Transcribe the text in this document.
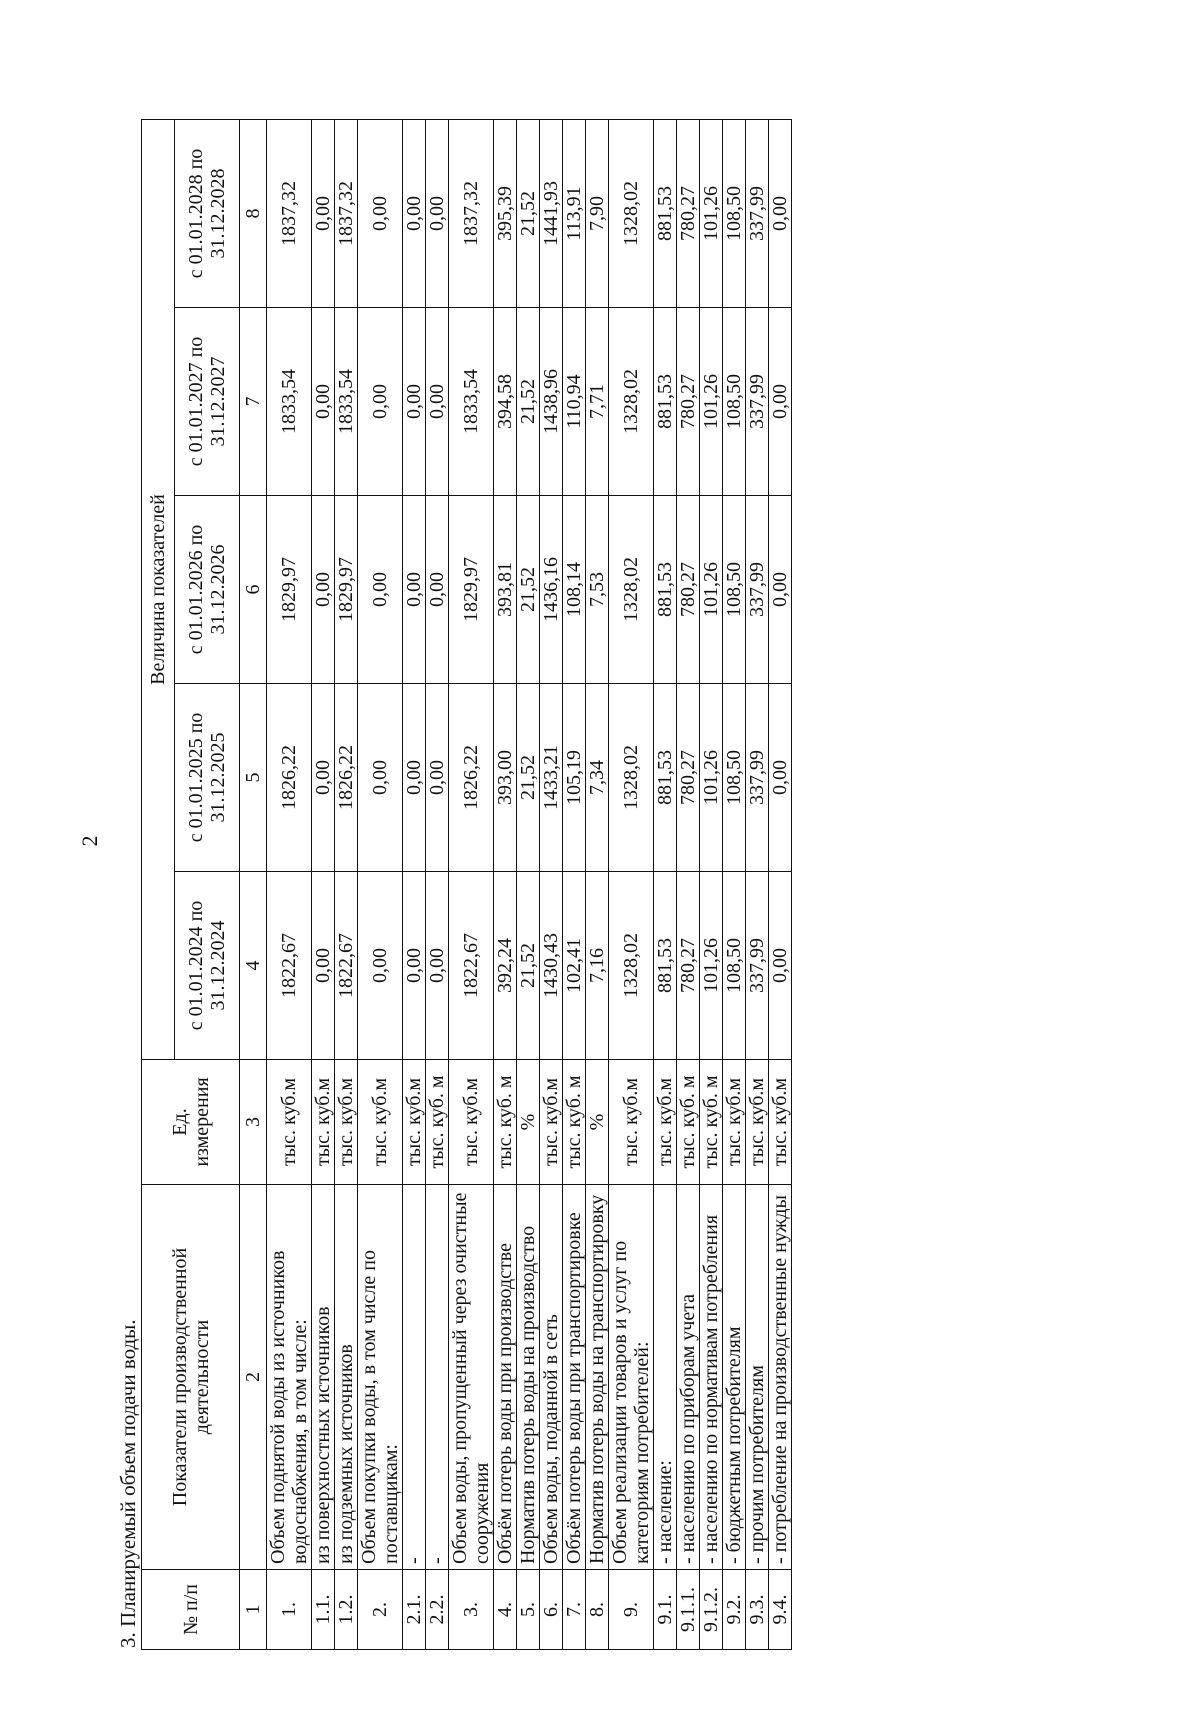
2
3. Планируемый объем подачи воды. № п/п	Показатели производственной деятельности	Ед. измерения	Величина показателей				
			с 01.01.2024 по 31.12.2024	с 01.01.2025 по 31.12.2025	с 01.01.2026 по 31.12.2026	с 01.01.2027 по 31.12.2027	с 01.01.2028 по 31.12.2028
1	2	3	4	5	6	7	8
1.	Объем поднятой воды из источников водоснабжения, в том числе:	тыс. куб.м	1822,67	1826,22	1829,97	1833,54	1837,32
1.1.	из поверхностных источников	тыс. куб.м	0,00	0,00	0,00	0,00	0,00
1.2.	из подземных источников	тыс. куб.м	1822,67	1826,22	1829,97	1833,54	1837,32
2.	Объем покупки воды, в том числе по поставщикам:	тыс. куб.м	0,00	0,00	0,00	0,00	0,00
2.1.	-	тыс. куб.м	0,00	0,00	0,00	0,00	0,00
2.2.	-	тыс. куб. м	0,00	0,00	0,00	0,00	0,00
3.	Объем воды, пропущенный через очистные сооружения	тыс. куб.м	1822,67	1826,22	1829,97	1833,54	1837,32
4.	Объём потерь воды при производстве	тыс. куб. м	392,24	393,00	393,81	394,58	395,39
5.	Норматив потерь воды на производство	%	21,52	21,52	21,52	21,52	21,52
6.	Объем воды, поданной в сеть	тыс. куб.м	1430,43	1433,21	1436,16	1438,96	1441,93
7.	Объём потерь воды при транспортировке	тыс. куб. м	102,41	105,19	108,14	110,94	113,91
8.	Норматив потерь воды на транспортировку	%	7,16	7,34	7,53	7,71	7,90
9.	Объем реализации товаров и услуг по категориям потребителей:	тыс. куб.м	1328,02	1328,02	1328,02	1328,02	1328,02
9.1.	- население:	тыс. куб.м	881,53	881,53	881,53	881,53	881,53
9.1.1.	- населению по приборам учета	тыс. куб. м	780,27	780,27	780,27	780,27	780,27
9.1.2.	- населению по нормативам потребления	тыс. куб. м	101,26	101,26	101,26	101,26	101,26
9.2.	- бюджетным потребителям	тыс. куб.м	108,50	108,50	108,50	108,50	108,50
9.3.	- прочим потребителям	тыс. куб.м	337,99	337,99	337,99	337,99	337,99
9.4.	- потребление на производственные нужды	тыс. куб.м	0,00	0,00	0,00	0,00	0,00
